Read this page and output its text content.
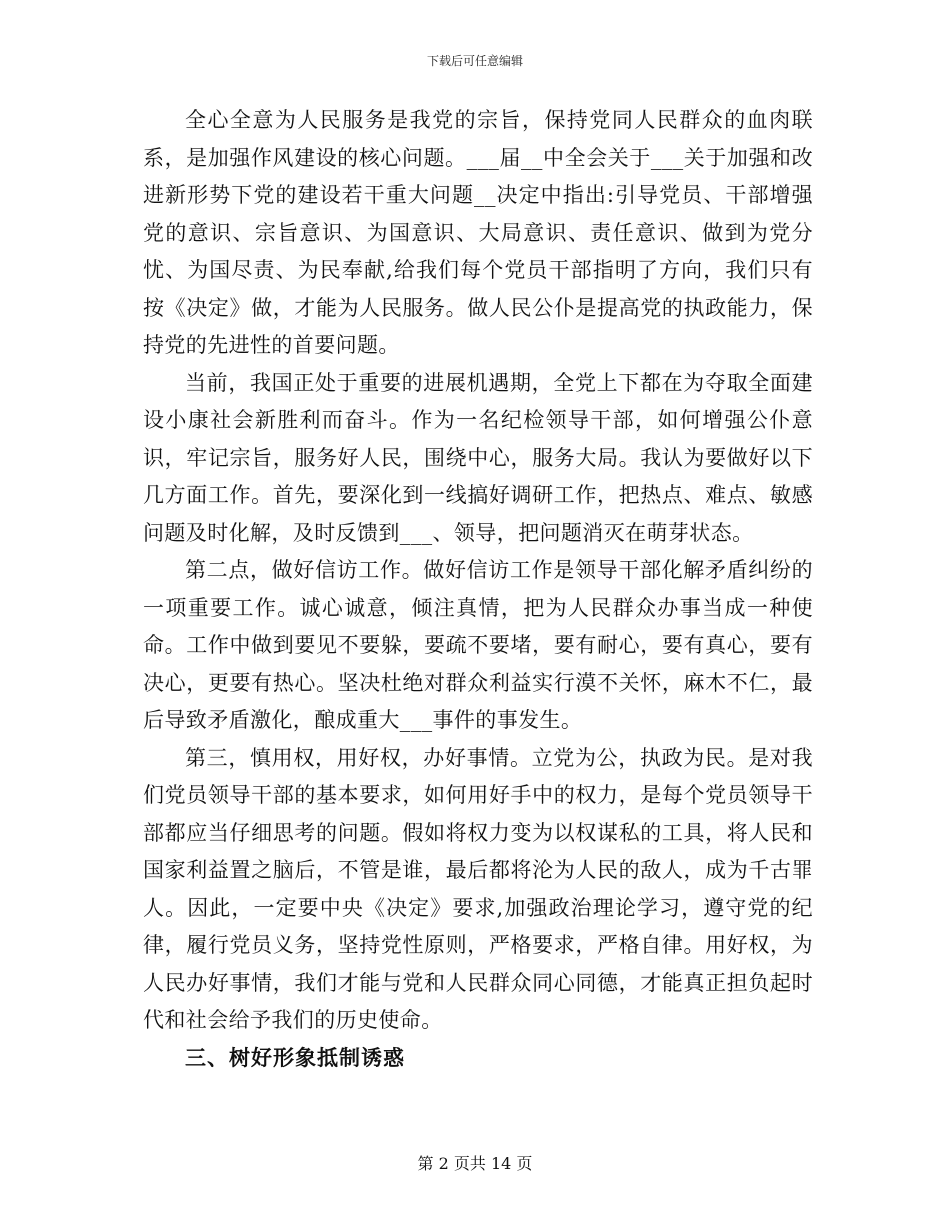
下载后可任意编辑

全心全意为人民服务是我党的宗旨，保持党同人民群众的血肉联系，是加强作风建设的核心问题。___届__中全会关于___关于加强和改进新形势下党的建设若干重大问题__决定中指出:引导党员、干部增强党的意识、宗旨意识、为国意识、大局意识、责任意识、做到为党分忧、为国尽责、为民奉献,给我们每个党员干部指明了方向，我们只有按《决定》做，才能为人民服务。做人民公仆是提高党的执政能力，保持党的先进性的首要问题。

当前，我国正处于重要的进展机遇期，全党上下都在为夺取全面建设小康社会新胜利而奋斗。作为一名纪检领导干部，如何增强公仆意识，牢记宗旨，服务好人民，围绕中心，服务大局。我认为要做好以下几方面工作。首先，要深化到一线搞好调研工作，把热点、难点、敏感问题及时化解，及时反馈到___、领导，把问题消灭在萌芽状态。

第二点，做好信访工作。做好信访工作是领导干部化解矛盾纠纷的一项重要工作。诚心诚意，倾注真情，把为人民群众办事当成一种使命。工作中做到要见不要躲，要疏不要堵，要有耐心，要有真心，要有决心，更要有热心。坚决杜绝对群众利益实行漠不关怀，麻木不仁，最后导致矛盾激化，酿成重大___事件的事发生。

第三，慎用权，用好权，办好事情。立党为公，执政为民。是对我们党员领导干部的基本要求，如何用好手中的权力，是每个党员领导干部都应当仔细思考的问题。假如将权力变为以权谋私的工具，将人民和国家利益置之脑后，不管是谁，最后都将沦为人民的敌人，成为千古罪人。因此，一定要中央《决定》要求,加强政治理论学习，遵守党的纪律，履行党员义务，坚持党性原则，严格要求，严格自律。用好权，为人民办好事情，我们才能与党和人民群众同心同德，才能真正担负起时代和社会给予我们的历史使命。

三、树好形象抵制诱惑

第 2 页共 14 页
